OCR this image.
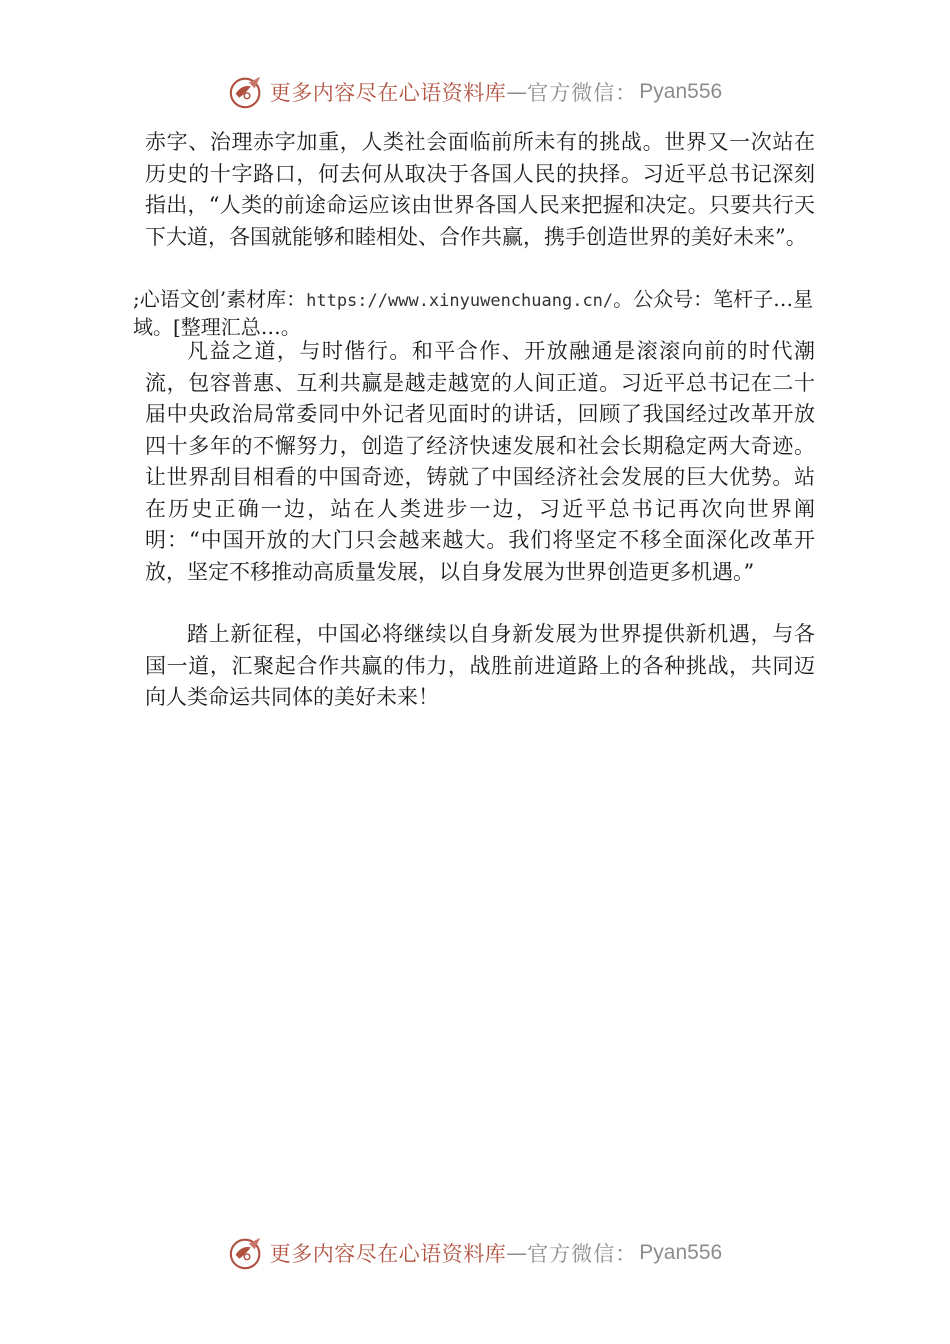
更多内容尽在心语资料库 — 官方微信： Pyan556

赤字、治理赤字加重，人类社会面临前所未有的挑战。世界又一次站在历史的十字路口，何去何从取决于各国人民的抉择。习近平总书记深刻指出，“人类的前途命运应该由世界各国人民来把握和决定。只要共行天下大道，各国就能够和睦相处、合作共赢，携手创造世界的美好未来”。

;心语文创’素材库：https://www.xinyuwenchuang.cn/。公众号：笔杆子…星域。[整理汇总…。

凡益之道，与时偕行。和平合作、开放融通是滚滚向前的时代潮流，包容普惠、互利共赢是越走越宽的人间正道。习近平总书记在二十届中央政治局常委同中外记者见面时的讲话，回顾了我国经过改革开放四十多年的不懈努力，创造了经济快速发展和社会长期稳定两大奇迹。让世界刮目相看的中国奇迹，铸就了中国经济社会发展的巨大优势。站在历史正确一边，站在人类进步一边，习近平总书记再次向世界阐明：“中国开放的大门只会越来越大。我们将坚定不移全面深化改革开放，坚定不移推动高质量发展，以自身发展为世界创造更多机遇。”

踏上新征程，中国必将继续以自身新发展为世界提供新机遇，与各国一道，汇聚起合作共赢的伟力，战胜前进道路上的各种挑战，共同迈向人类命运共同体的美好未来！

更多内容尽在心语资料库 — 官方微信： Pyan556
